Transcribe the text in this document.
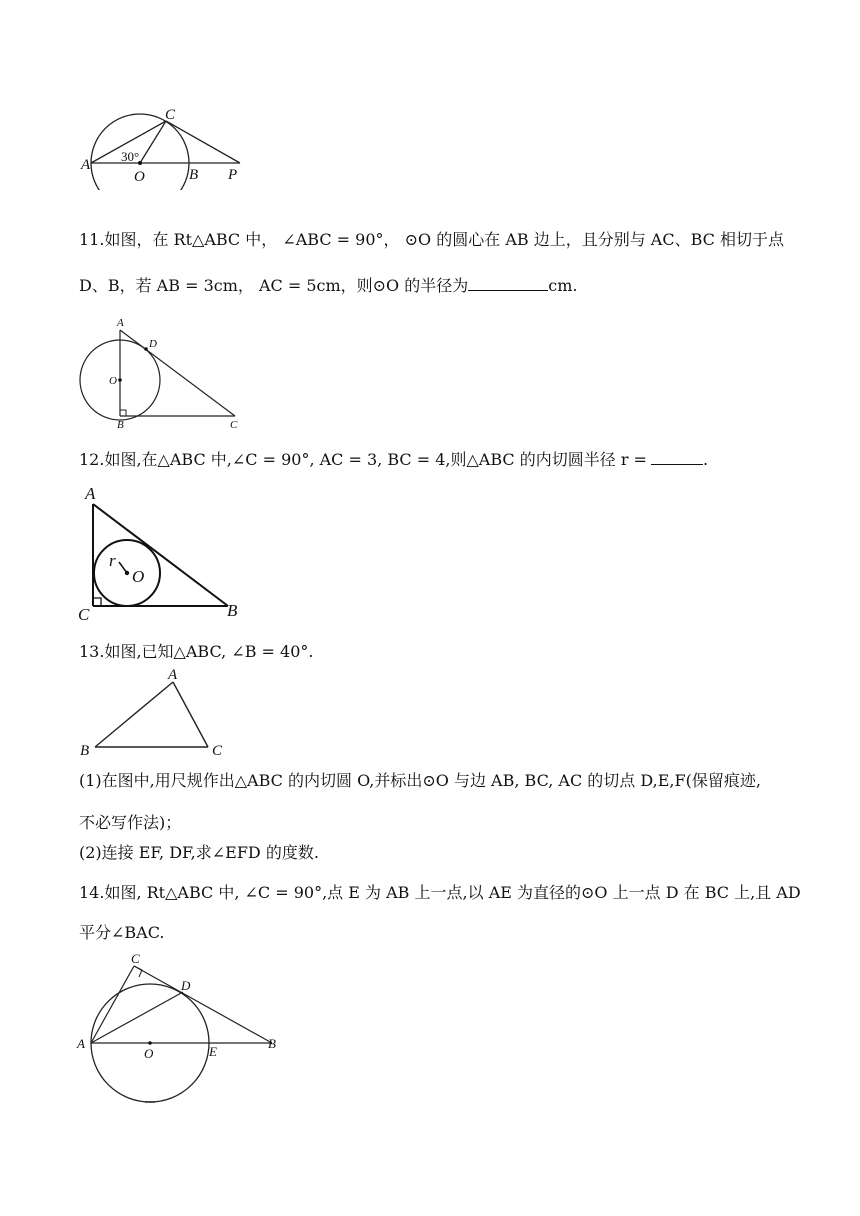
A
C
O	B P
30°
11.如图，在 Rt△ABC 中， ∠ABC = 90°， ⊙O 的圆心在 AB 边上，且分别与 AC、BC 相切于点
D、B，若 AB = 3cm， AC = 5cm，则⊙O 的半径为	cm.
A
D
O
B	C
12.如图,在△ABC 中,∠C = 90°, AC = 3, BC = 4,则△ABC 的内切圆半径 r =	.
A
r
O
C	B
13.如图,已知△ABC, ∠B = 40°.
A
B	C
(1)在图中,用尺规作出△ABC 的内切圆 O,并标出⊙O 与边 AB, BC, AC 的切点 D,E,F(保留痕迹,
不必写作法)；
(2)连接 EF, DF,求∠EFD 的度数.
14.如图, Rt△ABC 中, ∠C = 90°,点 E 为 AB 上一点,以 AE 为直径的⊙O 上一点 D 在 BC 上,且 AD
平分∠BAC.
C
D
A
O	E
B
